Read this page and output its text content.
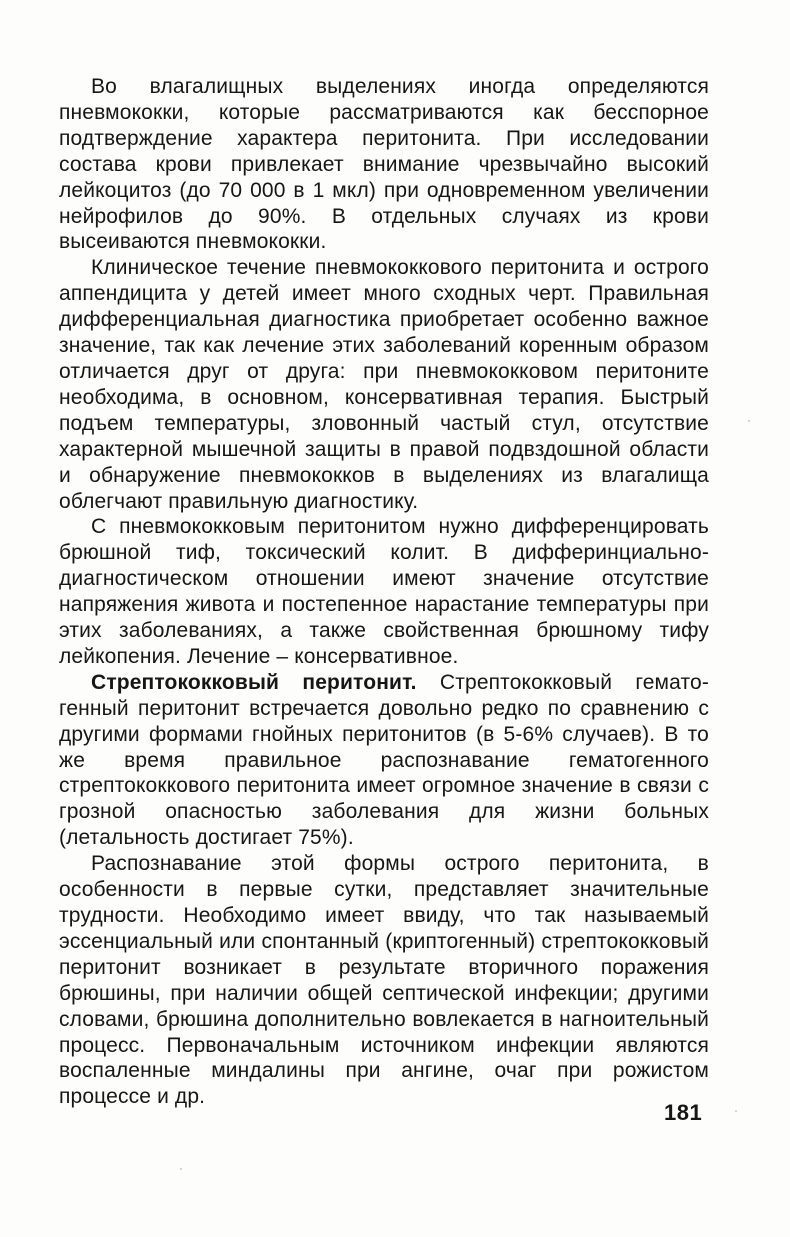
Во влагалищных выделениях иногда определяются пневмококки, которые рассматриваются как бесспорное подтверждение характера перитонита. При исследовании состава крови привлекает внимание чрезвычайно высокий лейкоцитоз (до 70 000 в 1 мкл) при одновременном увеличении нейрофилов до 90%. В отдельных случаях из крови высеиваются пневмококки.

Клиническое течение пневмококкового перитонита и острого аппендицита у детей имеет много сходных черт. Правильная дифференциальная диагностика приобретает особенно важное значение, так как лечение этих заболеваний коренным образом отличается друг от друга: при пневмококковом перитоните необходима, в основном, консервативная терапия. Быстрый подъем температуры, зловонный частый стул, отсутствие характерной мышечной защиты в правой подвздошной области и обнаружение пневмококков в выделениях из влагалища облегчают правильную диагностику.

С пневмококковым перитонитом нужно дифференцировать брюшной тиф, токсический колит. В дифферинциально-диагностическом отношении имеют значение отсутствие напряжения живота и постепенное нарастание температуры при этих заболеваниях, а также свойственная брюшному тифу лейкопения. Лечение – консервативное.

Стрептококковый перитонит. Стрептококковый гемато-генный перитонит встречается довольно редко по сравнению с другими формами гнойных перитонитов (в 5-6% случаев). В то же время правильное распознавание гематогенного стрептококкового перитонита имеет огромное значение в связи с грозной опасностью заболевания для жизни больных (летальность достигает 75%).

Распознавание этой формы острого перитонита, в особенности в первые сутки, представляет значительные трудности. Необходимо имеет ввиду, что так называемый эссенциальный или спонтанный (криптогенный) стрептококковый перитонит возникает в результате вторичного поражения брюшины, при наличии общей септической инфекции; другими словами, брюшина дополнительно вовлекается в нагноительный процесс. Первоначальным источником инфекции являются воспаленные миндалины при ангине, очаг при рожистом процессе и др.

181
